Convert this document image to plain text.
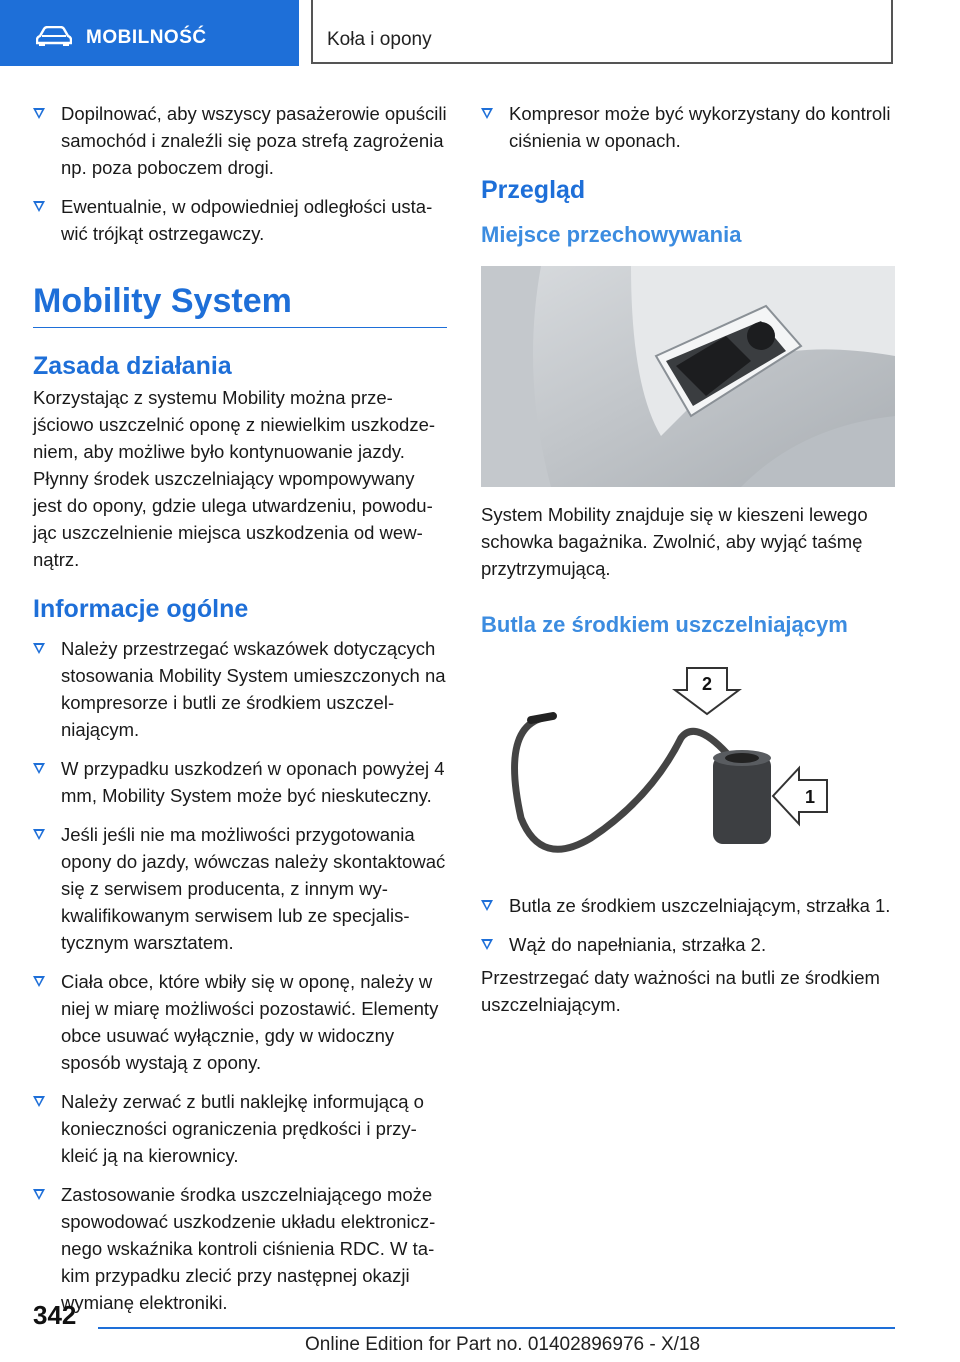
MOBILNOŚĆ	Koła i opony
Dopilnować, aby wszyscy pasażerowie opuścili samochód i znaleźli się poza strefą zagrożenia np. poza poboczem drogi.
Ewentualnie, w odpowiedniej odległości ustawić trójkąt ostrzegawczy.
Mobility System
Zasada działania

Korzystając z systemu Mobility można przejściowo uszczelnić oponę z niewielkim uszkodzeniem, aby możliwe było kontynuowanie jazdy. Płynny środek uszczelniający wpompowywany jest do opony, gdzie ulega utwardzeniu, powodując uszczelnienie miejsca uszkodzenia od wewnątrz.

Informacje ogólne
Należy przestrzegać wskazówek dotyczących stosowania Mobility System umieszczonych na kompresorze i butli ze środkiem uszczelniającym.
W przypadku uszkodzeń w oponach powyżej 4 mm, Mobility System może być nieskuteczny.
Jeśli jeśli nie ma możliwości przygotowania opony do jazdy, wówczas należy skontaktować się z serwisem producenta, z innym wykwalifikowanym serwisem lub ze specjalistycznym warsztatem.
Ciała obce, które wbiły się w oponę, należy w niej w miarę możliwości pozostawić. Elementy obce usuwać wyłącznie, gdy w widoczny sposób wystają z opony.
Należy zerwać z butli naklejkę informującą o konieczności ograniczenia prędkości i przykleić ją na kierownicy.
Zastosowanie środka uszczelniającego może spowodować uszkodzenie układu elektronicznego wskaźnika kontroli ciśnienia RDC. W takim przypadku zlecić przy następnej okazji wymianę elektroniki.
Kompresor może być wykorzystany do kontroli ciśnienia w oponach.
Przegląd
Miejsce przechowywania

System Mobility znajduje się w kieszeni lewego schowka bagażnika. Zwolnić, aby wyjąć taśmę przytrzymującą.

Butla ze środkiem uszczelniającym
2
1
Butla ze środkiem uszczelniającym, strzałka 1.
Wąż do napełniania, strzałka 2.

Przestrzegać daty ważności na butli ze środkiem uszczelniającym.

342
Online Edition for Part no. 01402896976 - X/18
